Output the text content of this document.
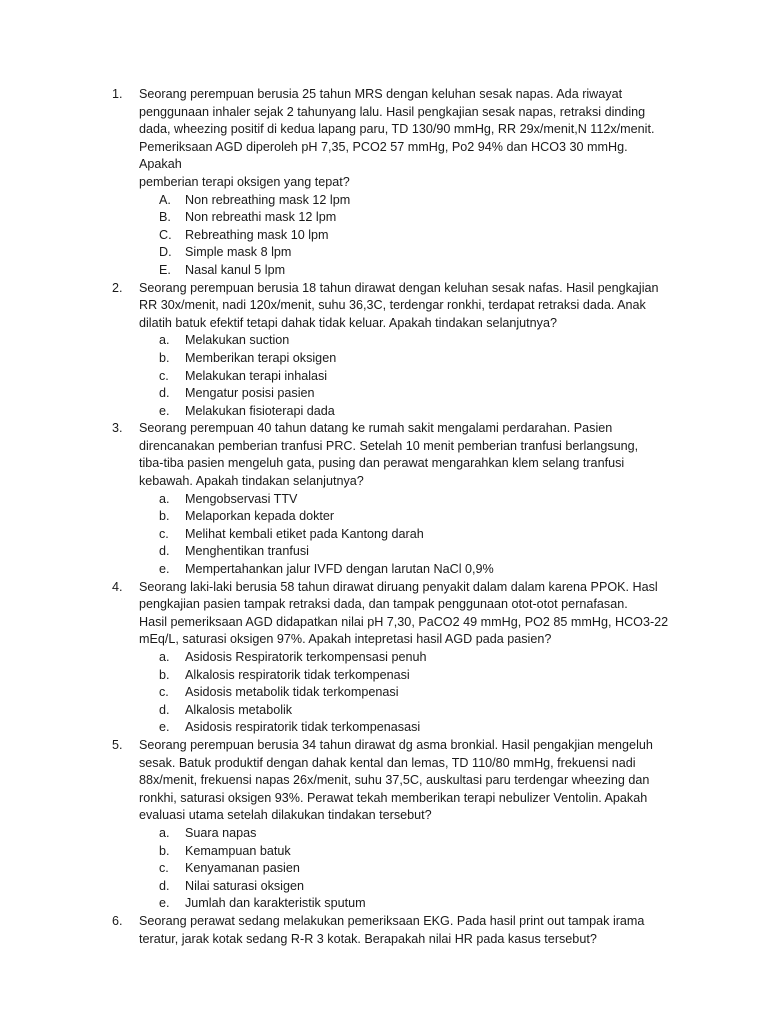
1. Seorang perempuan berusia 25 tahun MRS dengan keluhan sesak napas. Ada riwayat
penggunaan inhaler sejak 2 tahunyang lalu. Hasil pengkajian sesak napas, retraksi dinding
dada, wheezing positif di kedua lapang paru, TD 130/90 mmHg, RR 29x/menit,N 112x/menit.
Pemeriksaan AGD diperoleh pH 7,35, PCO2 57 mmHg, Po2 94% dan HCO3 30 mmHg. Apakah
pemberian terapi oksigen yang tepat?

A. Non rebreathing mask 12 lpm
B. Non rebreathi mask 12 lpm
C. Rebreathing mask 10 lpm
D. Simple mask 8 lpm
E. Nasal kanul 5 lpm
2. Seorang perempuan berusia 18 tahun dirawat dengan keluhan sesak nafas. Hasil pengkajian
RR 30x/menit, nadi 120x/menit, suhu 36,3C, terdengar ronkhi, terdapat retraksi dada. Anak
dilatih batuk efektif tetapi dahak tidak keluar. Apakah tindakan selanjutnya?

a. Melakukan suction
b. Memberikan terapi oksigen
c. Melakukan terapi inhalasi
d. Mengatur posisi pasien
e. Melakukan fisioterapi dada
3. Seorang perempuan 40 tahun datang ke rumah sakit mengalami perdarahan. Pasien
direncanakan pemberian tranfusi PRC. Setelah 10 menit pemberian tranfusi berlangsung,
tiba-tiba pasien mengeluh gata, pusing dan perawat mengarahkan klem selang tranfusi
kebawah. Apakah tindakan selanjutnya?

a. Mengobservasi TTV
b. Melaporkan kepada dokter
c. Melihat kembali etiket pada Kantong darah
d. Menghentikan tranfusi
e. Mempertahankan jalur IVFD dengan larutan NaCl 0,9%
4. Seorang laki-laki berusia 58 tahun dirawat diruang penyakit dalam dalam karena PPOK. Hasl
pengkajian pasien tampak retraksi dada, dan tampak penggunaan otot-otot pernafasan.
Hasil pemeriksaan AGD didapatkan nilai pH 7,30, PaCO2 49 mmHg, PO2 85 mmHg, HCO3-22
mEq/L, saturasi oksigen 97%. Apakah intepretasi hasil AGD pada pasien?

a. Asidosis Respiratorik terkompensasi penuh
b. Alkalosis respiratorik tidak terkompenasi
c. Asidosis metabolik tidak terkompenasi
d. Alkalosis metabolik
e. Asidosis respiratorik tidak terkompenasasi
5. Seorang perempuan berusia 34 tahun dirawat dg asma bronkial. Hasil pengakjian mengeluh
sesak. Batuk produktif dengan dahak kental dan lemas, TD 110/80 mmHg, frekuensi nadi
88x/menit, frekuensi napas 26x/menit, suhu 37,5C, auskultasi paru terdengar wheezing dan
ronkhi, saturasi oksigen 93%. Perawat tekah memberikan terapi nebulizer Ventolin. Apakah
evaluasi utama setelah dilakukan tindakan tersebut?

a. Suara napas
b. Kemampuan batuk
c. Kenyamanan pasien
d. Nilai saturasi oksigen
e. Jumlah dan karakteristik sputum
6. Seorang perawat sedang melakukan pemeriksaan EKG. Pada hasil print out tampak irama
teratur, jarak kotak sedang R-R 3 kotak. Berapakah nilai HR pada kasus tersebut?
